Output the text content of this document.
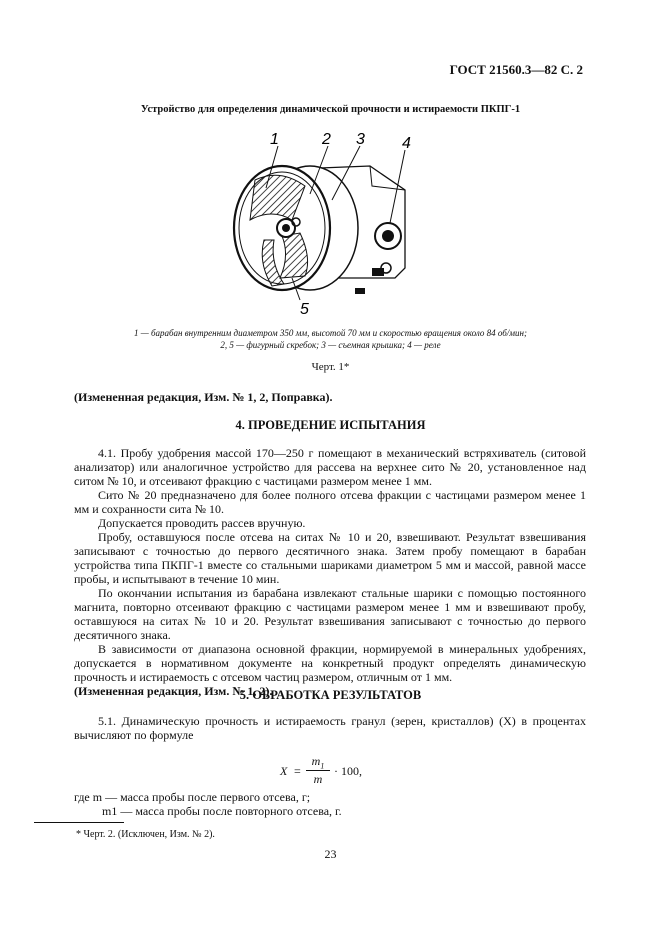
ГОСТ 21560.3—82 С. 2
Устройство для определения динамической прочности и истираемости ПКПГ-1
1	2 3 4
5
1 — барабан внутренним диаметром 350 мм, высотой 70 мм и скоростью вращения около 84 об/мин;
2, 5 — фигурный скребок; 3 — съемная крышка; 4 — реле
Черт. 1*
(Измененная редакция, Изм. № 1, 2, Поправка).
4. ПРОВЕДЕНИЕ ИСПЫТАНИЯ

4.1. Пробу удобрения массой 170—250 г помещают в механический встряхиватель (ситовой анализатор) или аналогичное устройство для рассева на верхнее сито № 20, установленное над ситом № 10, и отсеивают фракцию с частицами размером менее 1 мм.

Сито № 20 предназначено для более полного отсева фракции с частицами размером менее 1 мм и сохранности сита № 10.

Допускается проводить рассев вручную.

Пробу, оставшуюся после отсева на ситах № 10 и 20, взвешивают. Результат взвешивания записывают с точностью до первого десятичного знака. Затем пробу помещают в барабан устройства типа ПКПГ-1 вместе со стальными шариками диаметром 5 мм и массой, равной массе пробы, и испытывают в течение 10 мин.

По окончании испытания из барабана извлекают стальные шарики с помощью постоянного магнита, повторно отсеивают фракцию с частицами размером менее 1 мм и взвешивают пробу, оставшуюся на ситах № 10 и 20. Результат взвешивания записывают с точностью до первого десятичного знака.

В зависимости от диапазона основной фракции, нормируемой в минеральных удобрениях, допускается в нормативном документе на конкретный продукт определять динамическую прочность и истираемость с отсевом частиц размером, отличным от 1 мм.

(Измененная редакция, Изм. № 1, 2).

5. ОБРАБОТКА РЕЗУЛЬТАТОВ

5.1. Динамическую прочность и истираемость гранул (зерен, кристаллов) (X) в процентах вычисляют по формуле

X =
$m_1$
m
· 100,
где m — масса пробы после первого отсева, г;
m1 — масса пробы после повторного отсева, г.
* Черт. 2. (Исключен, Изм. № 2).
23
